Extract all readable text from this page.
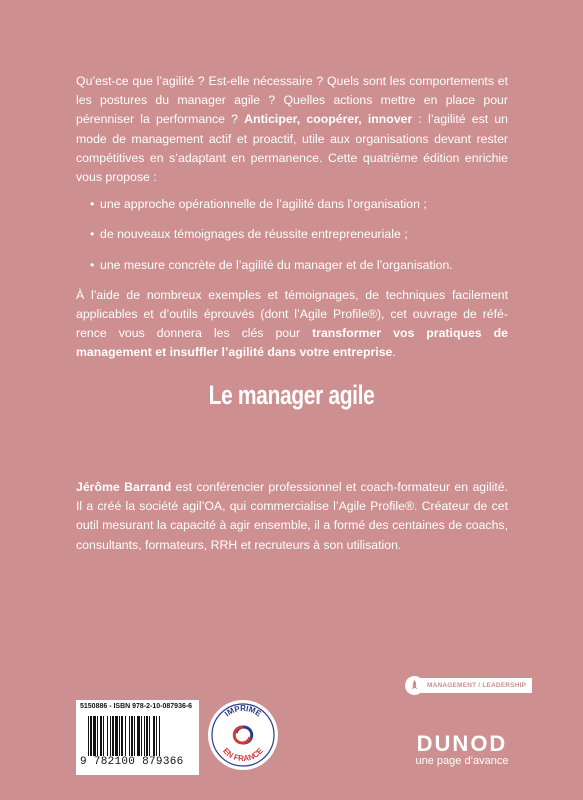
Qu’est-ce que l’agilité ? Est-elle nécessaire ? Quels sont les comportements et les postures du manager agile ? Quelles actions mettre en place pour pérenniser la performance ? Anticiper, coopérer, innover : l’agilité est un mode de management actif et proactif, utile aux organisations devant rester compétitives en s’adaptant en permanence. Cette quatrième édition enrichie vous propose :

• une approche opérationnelle de l’agilité dans l’organisation ;
• de nouveaux témoignages de réussite entrepreneuriale ;
• une mesure concrète de l’agilité du manager et de l’organisation.

À l’aide de nombreux exemples et témoignages, de techniques facilement applicables et d’outils éprouvés (dont l’Agile Profile®), cet ouvrage de réfé-rence vous donnera les clés pour transformer vos pratiques de management et insuffler l’agilité dans votre entreprise.

Le manager agile

Jérôme Barrand est conférencier professionnel et coach-formateur en agilité. Il a créé la société agil’OA, qui commercialise l’Agile Profile®. Créateur de cet outil mesurant la capacité à agir ensemble, il a formé des centaines de coachs, consultants, formateurs, RRH et recruteurs à son utilisation.

MANAGEMENT / LEADERSHIP
5150886 - ISBN 978-2-10-087936-6
9 782100 879366
IMPRIMÉ
EN FRANCE	DUNOD
une page d’avance
